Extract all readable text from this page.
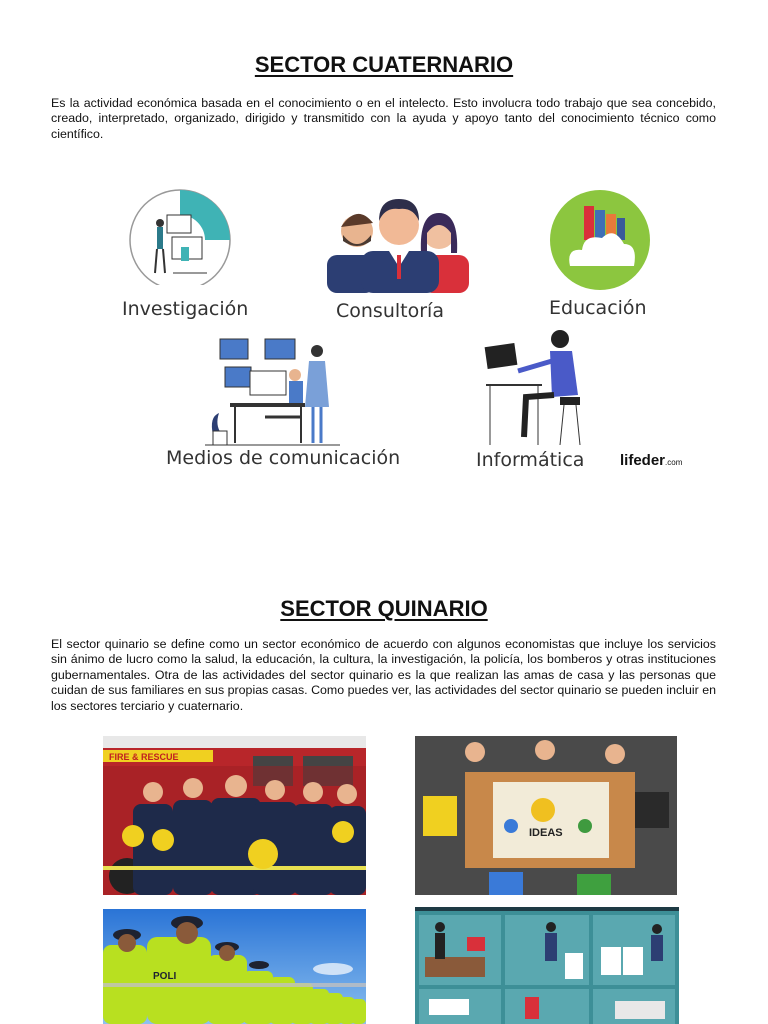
SECTOR CUATERNARIO

Es la actividad económica basada en el conocimiento o en el intelecto. Esto involucra todo trabajo que sea concebido, creado, interpretado, organizado, dirigido y transmitido con la ayuda y apoyo tanto del conocimiento técnico como científico.

Investigación	Consultoría	Educación
Medios de comunicación	Informática lifeder.com
SECTOR QUINARIO

El sector quinario se define como un sector económico de acuerdo con algunos economistas que incluye los servicios sin ánimo de lucro como la salud, la educación, la cultura, la investigación, la policía, los bomberos y otras instituciones gubernamentales. Otra de las actividades del sector quinario es la que realizan las amas de casa y las personas que cuidan de sus familiares en sus propias casas. Como puedes ver, las actividades del sector quinario se pueden incluir en los sectores terciario y cuaternario.

FIRE & RESCUE
IDEAS
POLI
